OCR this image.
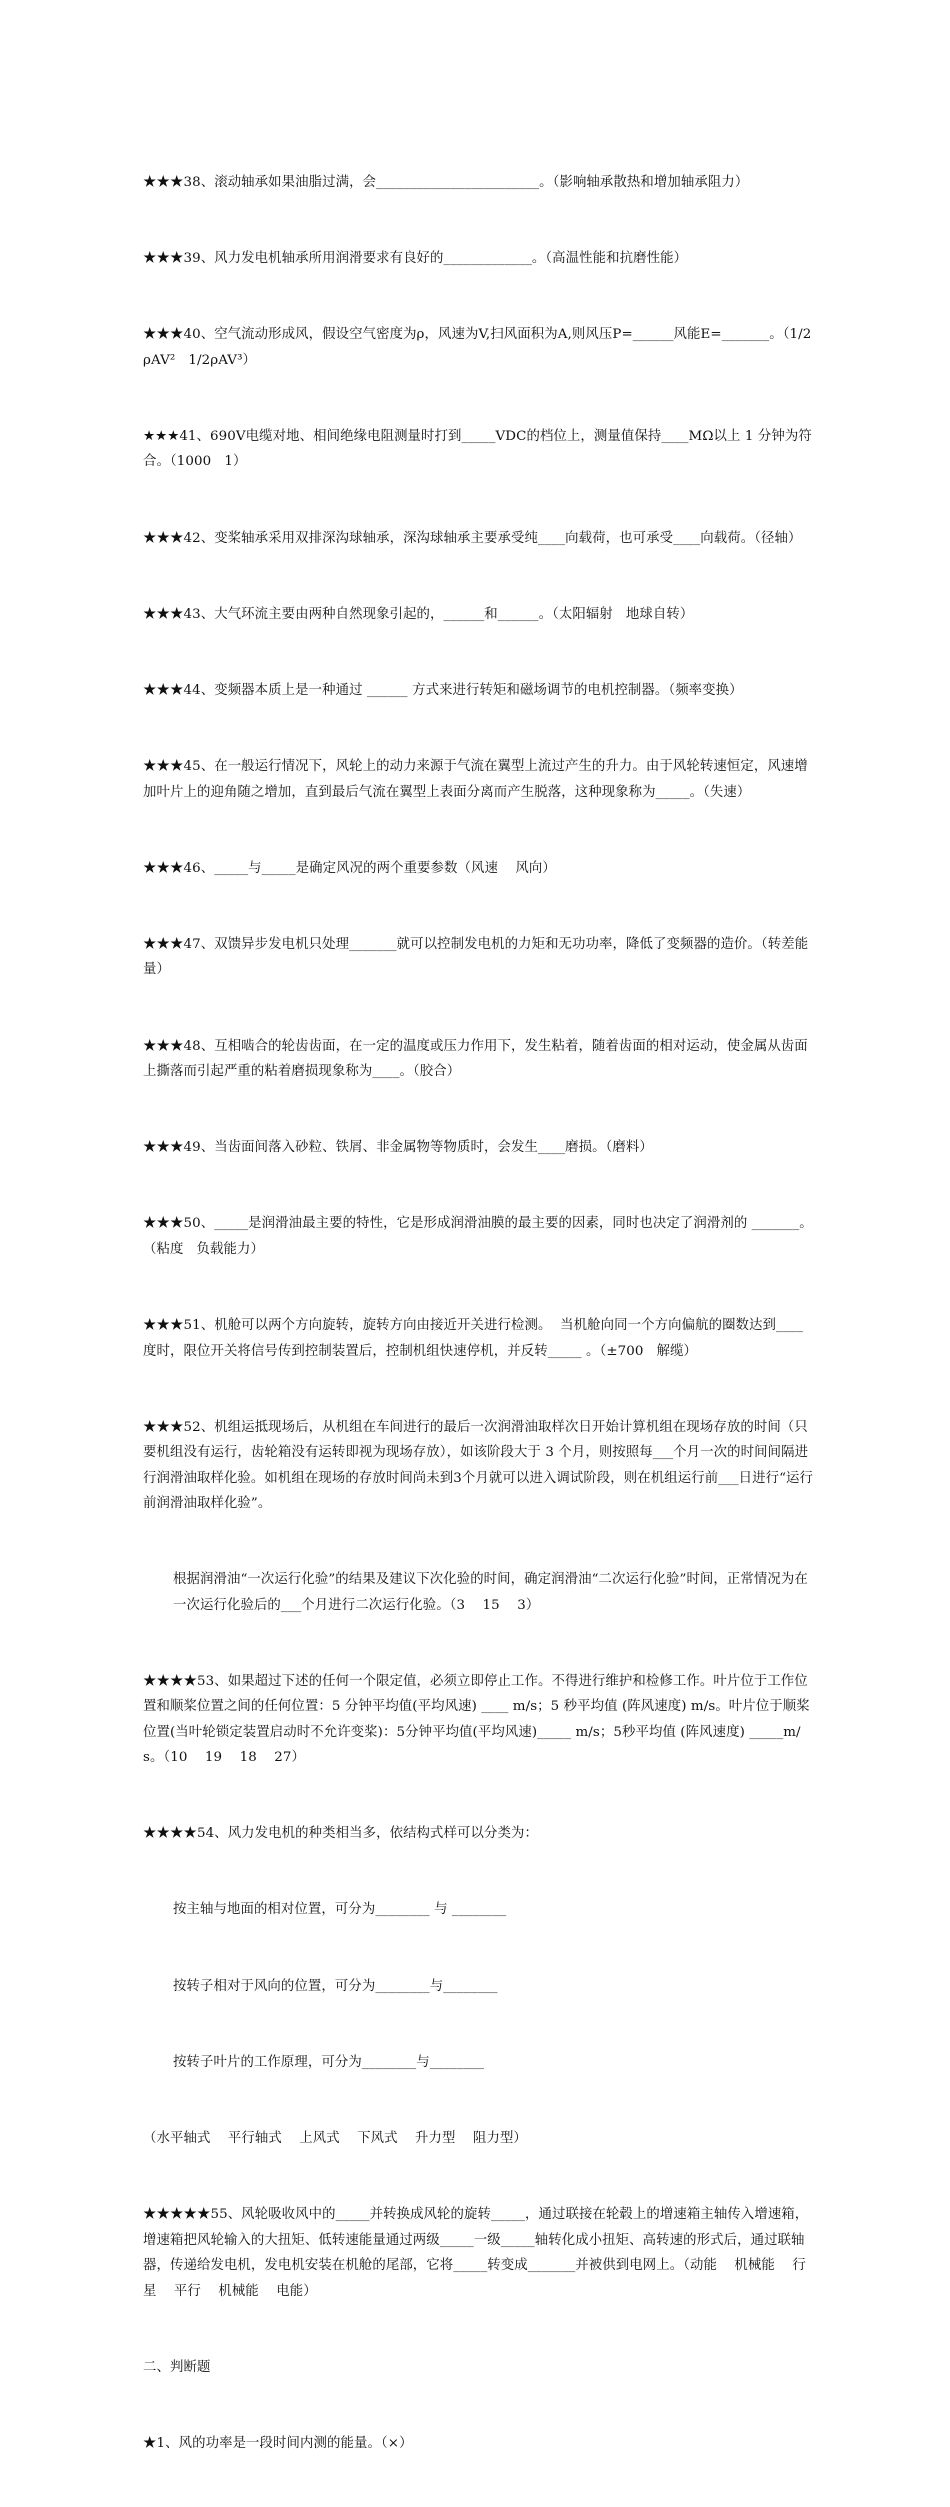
★★★38、滚动轴承如果油脂过满，会________________________。（影响轴承散热和增加轴承阻力）

★★★39、风力发电机轴承所用润滑要求有良好的_____________。（高温性能和抗磨性能）

★★★40、空气流动形成风，假设空气密度为ρ，风速为V,扫风面积为A,则风压P=______风能E=_______。（1/2ρAV²   1/2ρAV³）

★★★41、690V电缆对地、相间绝缘电阻测量时打到_____VDC的档位上，测量值保持____MΩ以上 1 分钟为符合。（1000   1）

★★★42、变桨轴承采用双排深沟球轴承，深沟球轴承主要承受纯____向载荷，也可承受____向载荷。（径轴）

★★★43、大气环流主要由两种自然现象引起的，______和______。（太阳辐射   地球自转）

★★★44、变频器本质上是一种通过 ______ 方式来进行转矩和磁场调节的电机控制器。（频率变换）

★★★45、在一般运行情况下，风轮上的动力来源于气流在翼型上流过产生的升力。由于风轮转速恒定，风速增加叶片上的迎角随之增加，直到最后气流在翼型上表面分离而产生脱落，这种现象称为_____。（失速）

★★★46、_____与_____是确定风况的两个重要参数（风速    风向）

★★★47、双馈异步发电机只处理_______就可以控制发电机的力矩和无功功率，降低了变频器的造价。（转差能量）

★★★48、互相啮合的轮齿齿面，在一定的温度或压力作用下，发生粘着，随着齿面的相对运动，使金属从齿面上撕落而引起严重的粘着磨损现象称为____。（胶合）

★★★49、当齿面间落入砂粒、铁屑、非金属物等物质时，会发生____磨损。（磨料）

★★★50、_____是润滑油最主要的特性，它是形成润滑油膜的最主要的因素，同时也决定了润滑剂的 _______。（粘度   负载能力）

★★★51、机舱可以两个方向旋转，旋转方向由接近开关进行检测。  当机舱向同一个方向偏航的圈数达到____ 度时，限位开关将信号传到控制装置后，控制机组快速停机，并反转_____ 。（±700   解缆）

★★★52、机组运抵现场后，从机组在车间进行的最后一次润滑油取样次日开始计算机组在现场存放的时间（只要机组没有运行，齿轮箱没有运转即视为现场存放），如该阶段大于 3 个月，则按照每___个月一次的时间间隔进行润滑油取样化验。如机组在现场的存放时间尚未到3个月就可以进入调试阶段，则在机组运行前___日进行“运行前润滑油取样化验”。

根据润滑油“一次运行化验”的结果及建议下次化验的时间，确定润滑油“二次运行化验”时间，正常情况为在一次运行化验后的___个月进行二次运行化验。（3    15    3）

★★★★53、如果超过下述的任何一个限定值，必须立即停止工作。不得进行维护和检修工作。叶片位于工作位置和顺桨位置之间的任何位置：5 分钟平均值(平均风速) ____ m/s；5 秒平均值 (阵风速度) m/s。叶片位于顺桨位置(当叶轮锁定装置启动时不允许变桨)：5分钟平均值(平均风速)_____ m/s；5秒平均值 (阵风速度) _____m/s。（10    19    18    27）

★★★★54、风力发电机的种类相当多，依结构式样可以分类为：

按主轴与地面的相对位置，可分为________ 与 ________

按转子相对于风向的位置，可分为________与________

按转子叶片的工作原理，可分为________与________

（水平轴式    平行轴式    上风式    下风式    升力型    阻力型）

★★★★★55、风轮吸收风中的_____并转换成风轮的旋转_____，通过联接在轮毂上的增速箱主轴传入增速箱，增速箱把风轮输入的大扭矩、低转速能量通过两级_____一级_____轴转化成小扭矩、高转速的形式后，通过联轴器，传递给发电机，发电机安装在机舱的尾部，它将_____转变成_______并被供到电网上。（动能    机械能    行星    平行    机械能    电能）

二、判断题

★1、风的功率是一段时间内测的能量。（×）
